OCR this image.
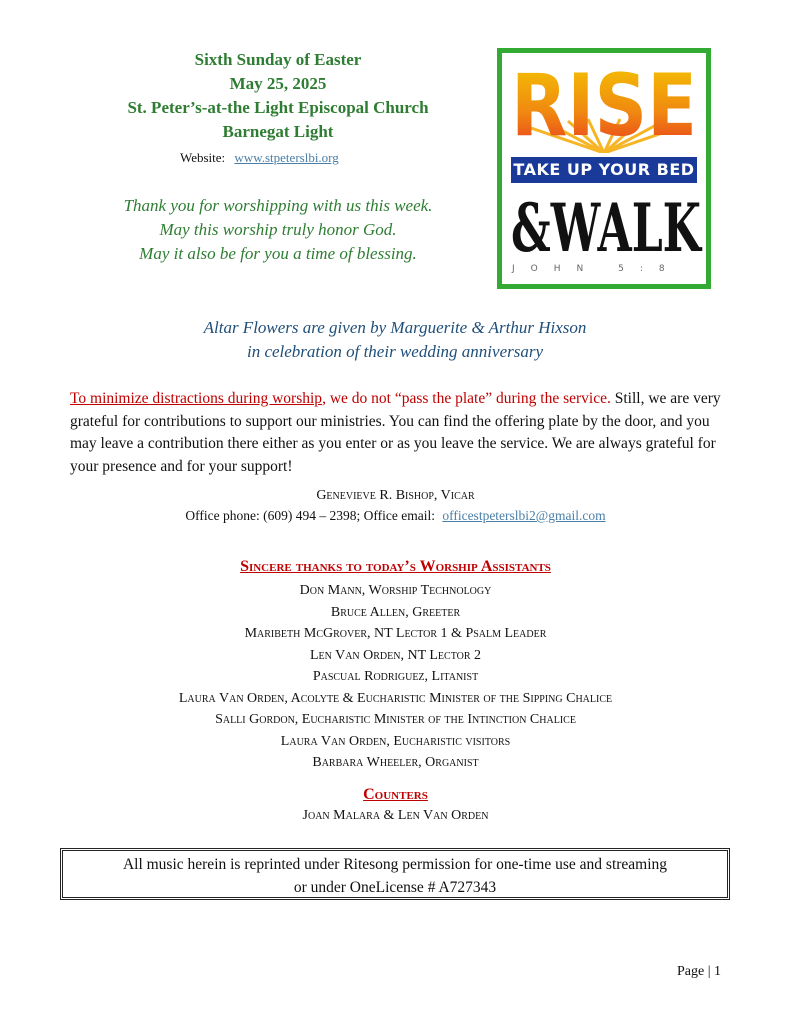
Sixth Sunday of Easter
May 25, 2025
St. Peter’s-at-the Light Episcopal Church
Barnegat Light
Website: www.stpeterslbi.org
Thank you for worshipping with us this week.
May this worship truly honor God.
May it also be for you a time of blessing.
RISE
TAKE UP YOUR BED
&WALK
JOHN 5:8
Altar Flowers are given by Marguerite & Arthur Hixson
in celebration of their wedding anniversary
To minimize distractions during worship, we do not “pass the plate” during the service. Still, we are very grateful for contributions to support our ministries. You can find the offering plate by the door, and you may leave a contribution there either as you enter or as you leave the service. We are always grateful for your presence and for your support!
Genevieve R. Bishop, Vicar
Office phone: (609) 494 – 2398; Office email: officestpeterslbi2@gmail.com
Sincere thanks to today’s Worship Assistants
Don Mann, Worship Technology
Bruce Allen, Greeter
Maribeth McGrover, NT Lector 1 & Psalm Leader
Len Van Orden, NT Lector 2
Pascual Rodriguez, Litanist
Laura Van Orden, Acolyte & Eucharistic Minister of the Sipping Chalice
Salli Gordon, Eucharistic Minister of the Intinction Chalice
Laura Van Orden, Eucharistic visitors
Barbara Wheeler, Organist
Counters
Joan Malara & Len Van Orden
All music herein is reprinted under Ritesong permission for one-time use and streaming
or under OneLicense # A727343
Page | 1
